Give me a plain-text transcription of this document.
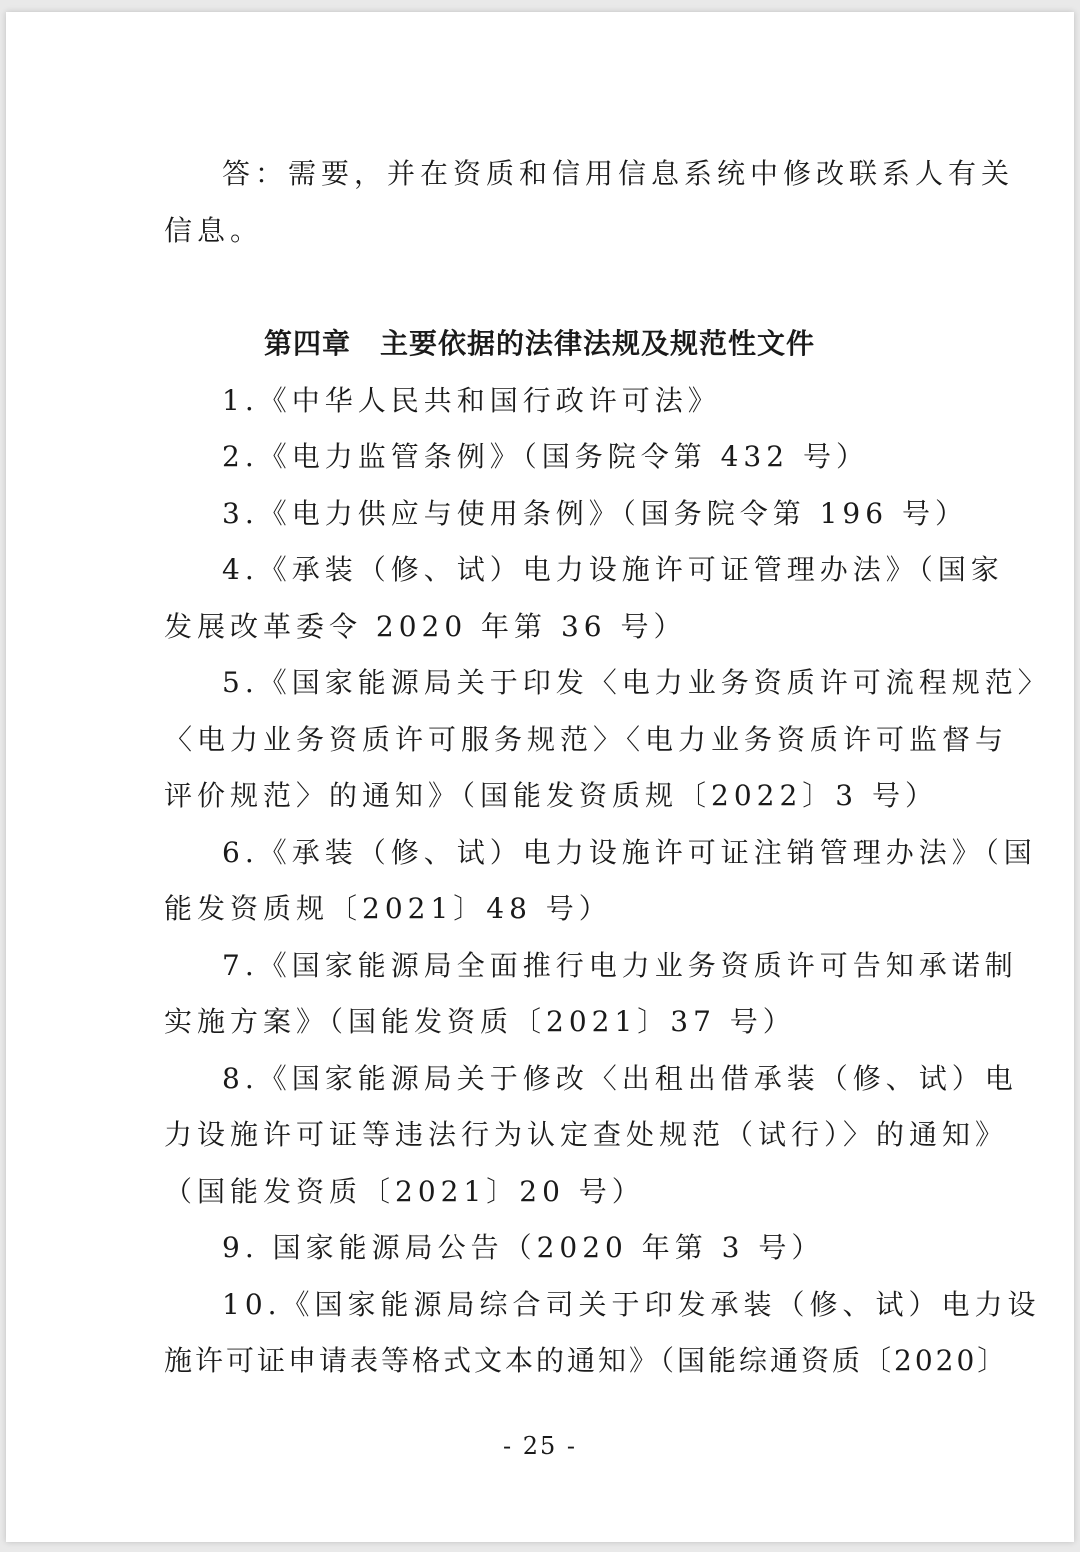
答：需要，并在资质和信用信息系统中修改联系人有关
信息。
第四章　主要依据的法律法规及规范性文件
1.《中华人民共和国行政许可法》
2.《电力监管条例》（国务院令第 432 号）
3.《电力供应与使用条例》（国务院令第 196 号）
4.《承装（修、试）电力设施许可证管理办法》（国家
发展改革委令 2020 年第 36 号）
5.《国家能源局关于印发〈电力业务资质许可流程规范〉
〈电力业务资质许可服务规范〉〈电力业务资质许可监督与
评价规范〉的通知》（国能发资质规〔2022〕3 号）
6.《承装（修、试）电力设施许可证注销管理办法》（国
能发资质规〔2021〕48 号）
7.《国家能源局全面推行电力业务资质许可告知承诺制
实施方案》（国能发资质〔2021〕37 号）
8.《国家能源局关于修改〈出租出借承装（修、试）电
力设施许可证等违法行为认定查处规范（试行）〉的通知》
（国能发资质〔2021〕20 号）
9. 国家能源局公告（2020 年第 3 号）
10.《国家能源局综合司关于印发承装（修、试）电力设
施许可证申请表等格式文本的通知》（国能综通资质〔2020〕
- 25 -
